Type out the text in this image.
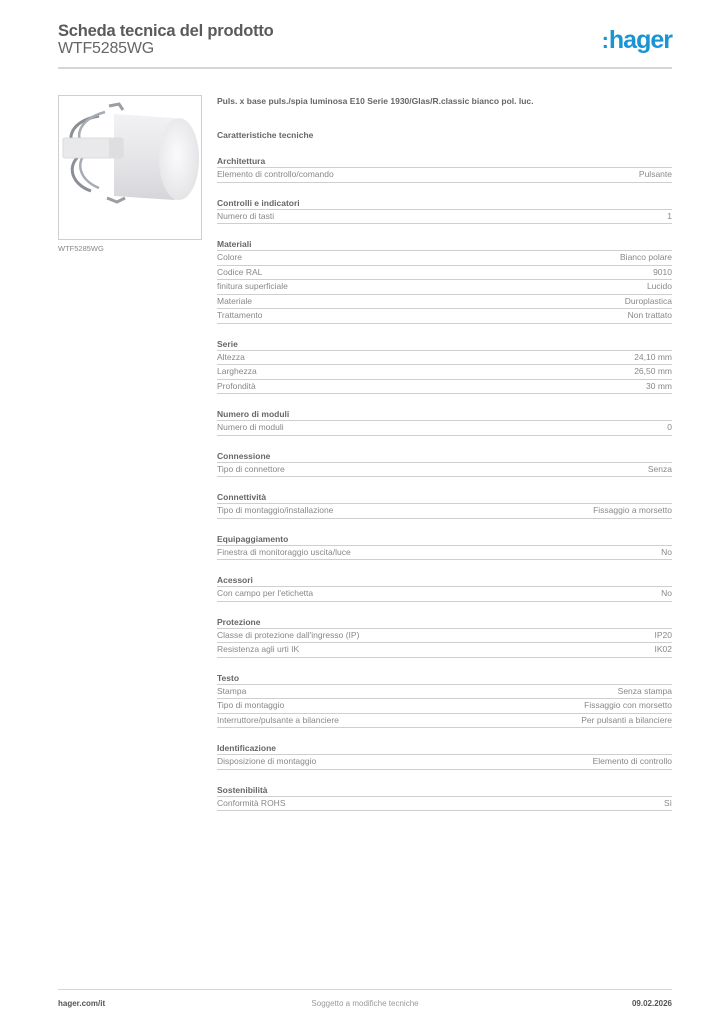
Scheda tecnica del prodotto
WTF5285WG	:hager
WTF5285WG
Puls. x base puls./spia luminosa E10 Serie 1930/Glas/R.classic bianco pol. luc.
Caratteristiche tecniche
Architettura
Elemento di controllo/comando	Pulsante
Controlli e indicatori
Numero di tasti	1
Materiali
Colore	Bianco polare
Codice RAL	9010
finitura superficiale	Lucido
Materiale	Duroplastica
Trattamento	Non trattato
Serie
Altezza	24,10 mm
Larghezza	26,50 mm
Profondità	30 mm
Numero di moduli
Numero di moduli	0
Connessione
Tipo di connettore	Senza
Connettività
Tipo di montaggio/installazione	Fissaggio a morsetto
Equipaggiamento
Finestra di monitoraggio uscita/luce	No
Acessori
Con campo per l'etichetta	No
Protezione
Classe di protezione dall'ingresso (IP)	IP20
Resistenza agli urti IK	IK02
Testo
Stampa	Senza stampa
Tipo di montaggio	Fissaggio con morsetto
Interruttore/pulsante a bilanciere	Per pulsanti a bilanciere
Identificazione
Disposizione di montaggio	Elemento di controllo
Sostenibilità
Conformità ROHS	Sì
hager.com/it	Soggetto a modifiche tecniche	09.02.2026
